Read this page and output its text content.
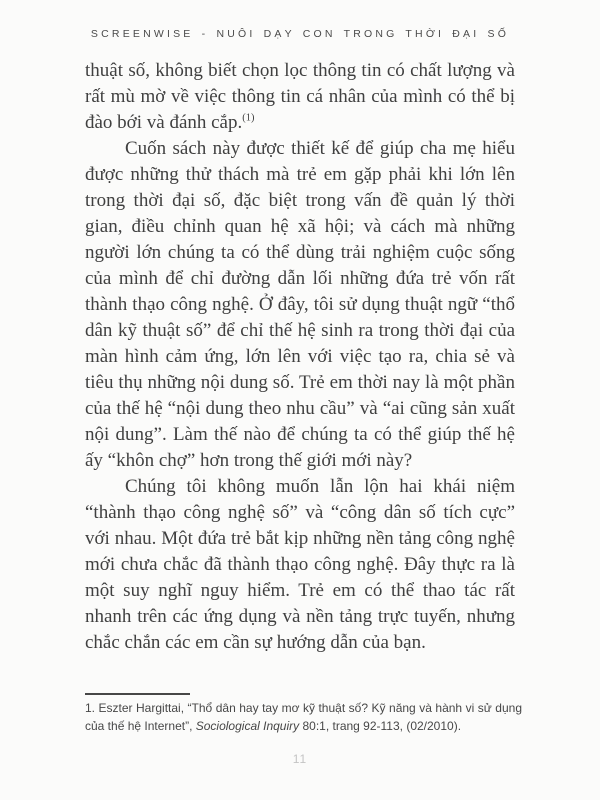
SCREENWISE - NUÔI DẠY CON TRONG THỜI ĐẠI SỐ

thuật số, không biết chọn lọc thông tin có chất lượng và rất mù mờ về việc thông tin cá nhân của mình có thể bị đào bới và đánh cắp.$^{(1)}$

Cuốn sách này được thiết kế để giúp cha mẹ hiểu được những thử thách mà trẻ em gặp phải khi lớn lên trong thời đại số, đặc biệt trong vấn đề quản lý thời gian, điều chỉnh quan hệ xã hội; và cách mà những người lớn chúng ta có thể dùng trải nghiệm cuộc sống của mình để chỉ đường dẫn lối những đứa trẻ vốn rất thành thạo công nghệ. Ở đây, tôi sử dụng thuật ngữ “thổ dân kỹ thuật số” để chỉ thế hệ sinh ra trong thời đại của màn hình cảm ứng, lớn lên với việc tạo ra, chia sẻ và tiêu thụ những nội dung số. Trẻ em thời nay là một phần của thế hệ “nội dung theo nhu cầu” và “ai cũng sản xuất nội dung”. Làm thế nào để chúng ta có thể giúp thế hệ ấy “khôn chợ” hơn trong thế giới mới này?

Chúng tôi không muốn lẫn lộn hai khái niệm “thành thạo công nghệ số” và “công dân số tích cực” với nhau. Một đứa trẻ bắt kịp những nền tảng công nghệ mới chưa chắc đã thành thạo công nghệ. Đây thực ra là một suy nghĩ nguy hiểm. Trẻ em có thể thao tác rất nhanh trên các ứng dụng và nền tảng trực tuyến, nhưng chắc chắn các em cần sự hướng dẫn của bạn.

1. Eszter Hargittai, “Thổ dân hay tay mơ kỹ thuật số? Kỹ năng và hành vi sử dụng của thế hệ Internet”, Sociological Inquiry 80:1, trang 92-113, (02/2010).
11
